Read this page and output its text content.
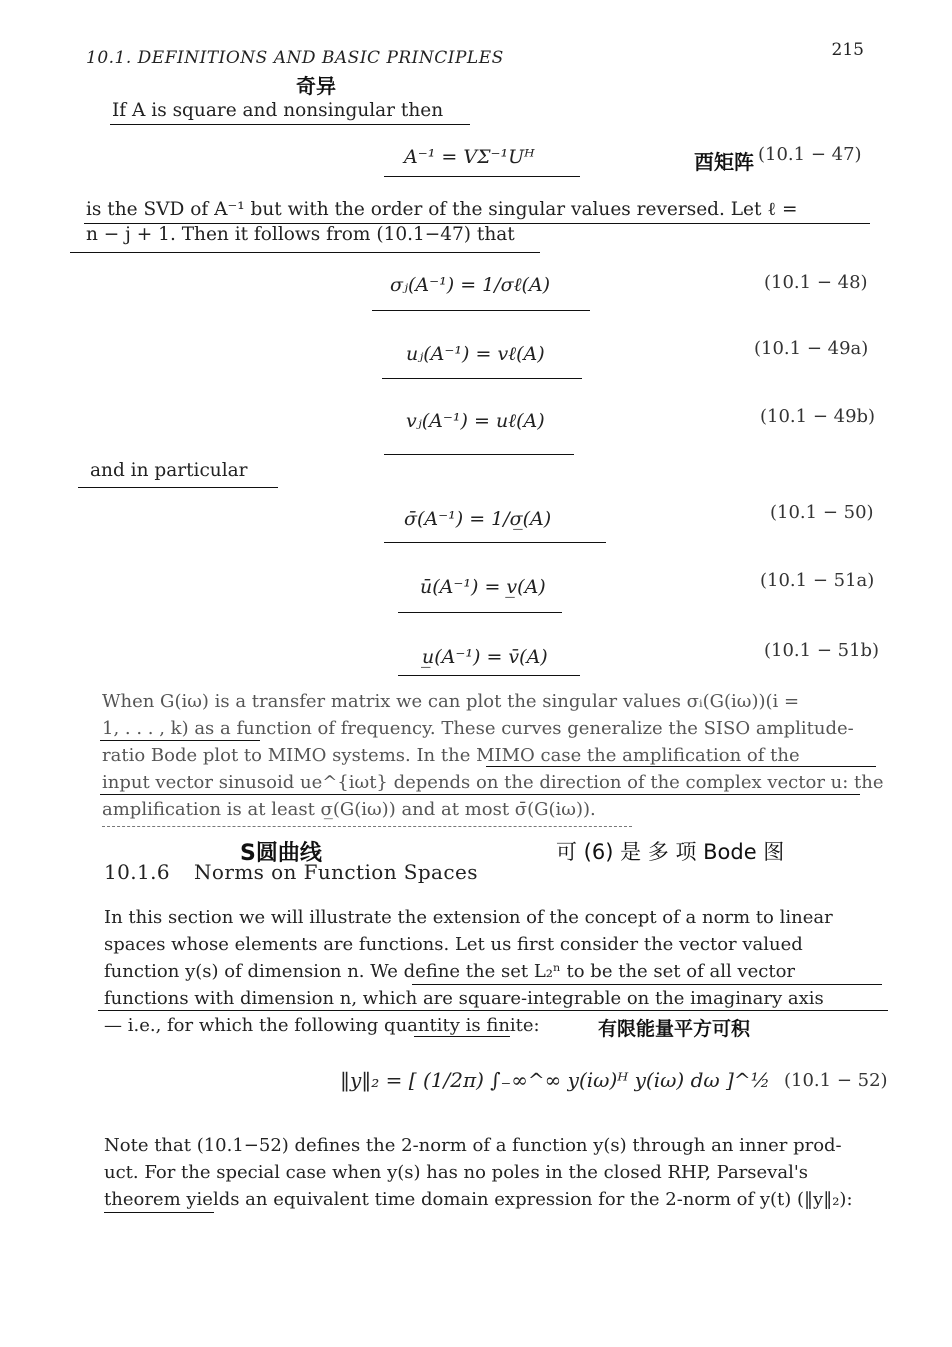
10.1. DEFINITIONS AND BASIC PRINCIPLES	215
奇异
酉矩阵
S圆曲线	可 (6) 是 多 项 Bode 图
有限能量平方可积
If A is square and nonsingular then
A⁻¹ = VΣ⁻¹Uᴴ	(10.1 − 47)
is the SVD of A⁻¹ but with the order of the singular values reversed. Let ℓ =
n − j + 1. Then it follows from (10.1−47) that
σⱼ(A⁻¹) = 1/σℓ(A)	(10.1 − 48)
uⱼ(A⁻¹) = vℓ(A)	(10.1 − 49a)
vⱼ(A⁻¹) = uℓ(A)	(10.1 − 49b)
and in particular
σ̄(A⁻¹) = 1/σ̲(A)	(10.1 − 50)
ū(A⁻¹) = v̲(A)	(10.1 − 51a)
u̲(A⁻¹) = v̄(A)	(10.1 − 51b)
When G(iω) is a transfer matrix we can plot the singular values σᵢ(G(iω))(i =
1, . . . , k) as a function of frequency. These curves generalize the SISO amplitude-
ratio Bode plot to MIMO systems. In the MIMO case the amplification of the
input vector sinusoid ue^{iωt} depends on the direction of the complex vector u: the
amplification is at least σ̲(G(iω)) and at most σ̄(G(iω)).
10.1.6 Norms on Function Spaces
In this section we will illustrate the extension of the concept of a norm to linear
spaces whose elements are functions. Let us first consider the vector valued
function y(s) of dimension n. We define the set L₂ⁿ to be the set of all vector
functions with dimension n, which are square-integrable on the imaginary axis
— i.e., for which the following quantity is finite:
‖y‖₂ = [ (1/2π) ∫₋∞^∞ y(iω)ᴴ y(iω) dω ]^½ (10.1 − 52)
Note that (10.1−52) defines the 2-norm of a function y(s) through an inner prod-
uct. For the special case when y(s) has no poles in the closed RHP, Parseval's
theorem yields an equivalent time domain expression for the 2-norm of y(t) (‖y‖₂):
